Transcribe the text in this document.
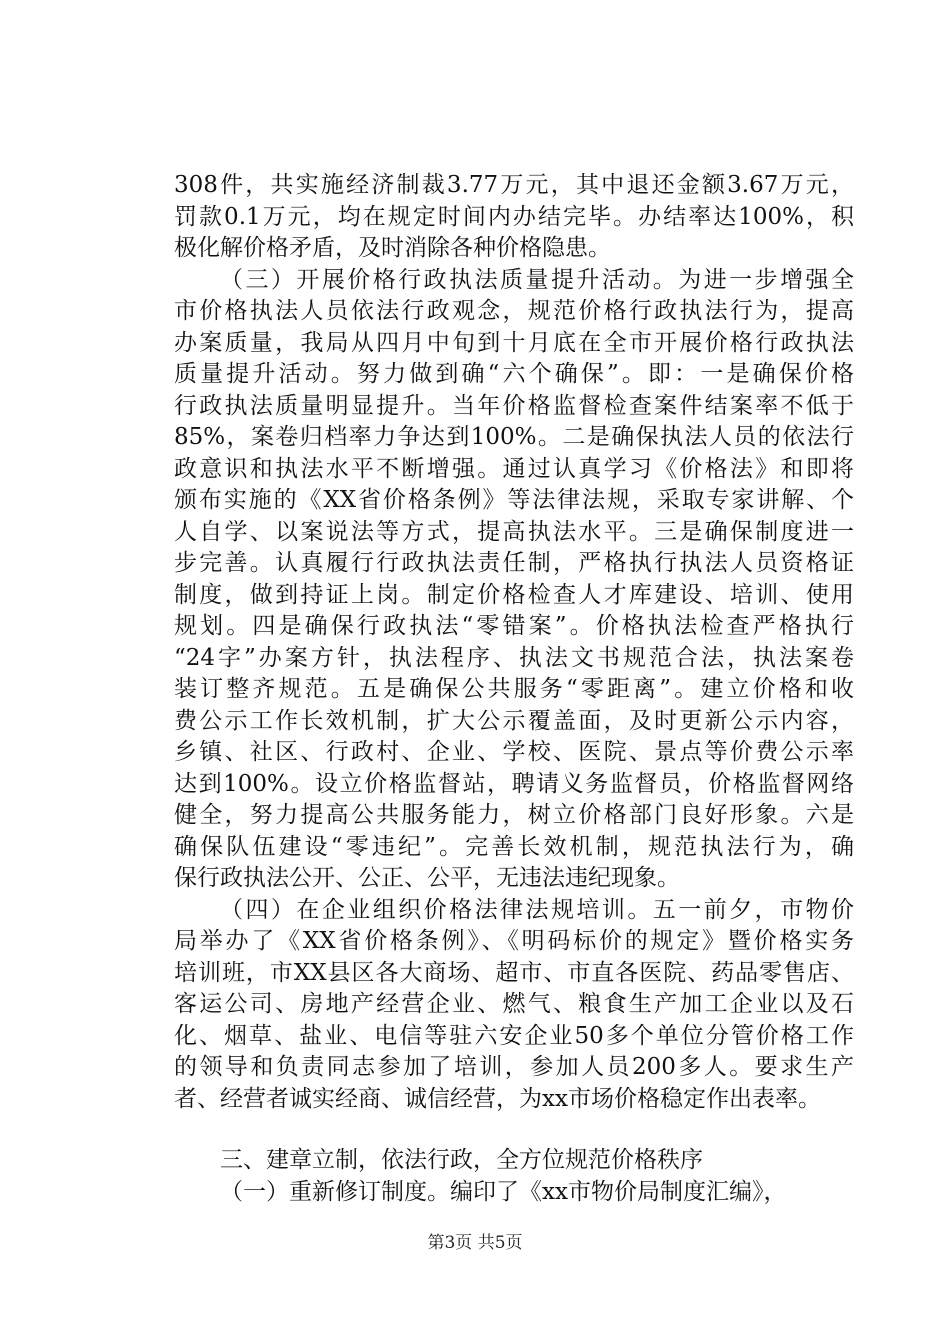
308件，共实施经济制裁3.77万元，其中退还金额3.67万元，
罚款0.1万元，均在规定时间内办结完毕。办结率达100%，积
极化解价格矛盾，及时消除各种价格隐患。
（三）开展价格行政执法质量提升活动。为进一步增强全
市价格执法人员依法行政观念，规范价格行政执法行为，提高
办案质量，我局从四月中旬到十月底在全市开展价格行政执法
质量提升活动。努力做到确“六个确保”。即：一是确保价格
行政执法质量明显提升。当年价格监督检查案件结案率不低于
85%，案卷归档率力争达到100%。二是确保执法人员的依法行
政意识和执法水平不断增强。通过认真学习《价格法》和即将
颁布实施的《XX省价格条例》等法律法规，采取专家讲解、个
人自学、以案说法等方式，提高执法水平。三是确保制度进一
步完善。认真履行行政执法责任制，严格执行执法人员资格证
制度，做到持证上岗。制定价格检查人才库建设、培训、使用
规划。四是确保行政执法“零错案”。价格执法检查严格执行
“24字”办案方针，执法程序、执法文书规范合法，执法案卷
装订整齐规范。五是确保公共服务“零距离”。建立价格和收
费公示工作长效机制，扩大公示覆盖面，及时更新公示内容，
乡镇、社区、行政村、企业、学校、医院、景点等价费公示率
达到100%。设立价格监督站，聘请义务监督员，价格监督网络
健全，努力提高公共服务能力，树立价格部门良好形象。六是
确保队伍建设“零违纪”。完善长效机制，规范执法行为，确
保行政执法公开、公正、公平，无违法违纪现象。
（四）在企业组织价格法律法规培训。五一前夕，市物价
局举办了《XX省价格条例》、《明码标价的规定》暨价格实务
培训班，市XX县区各大商场、超市、市直各医院、药品零售店、
客运公司、房地产经营企业、燃气、粮食生产加工企业以及石
化、烟草、盐业、电信等驻六安企业50多个单位分管价格工作
的领导和负责同志参加了培训，参加人员200多人。要求生产
者、经营者诚实经商、诚信经营，为xx市场价格稳定作出表率。
三、建章立制，依法行政，全方位规范价格秩序
（一）重新修订制度。编印了《xx市物价局制度汇编》，
第3页 共5页
